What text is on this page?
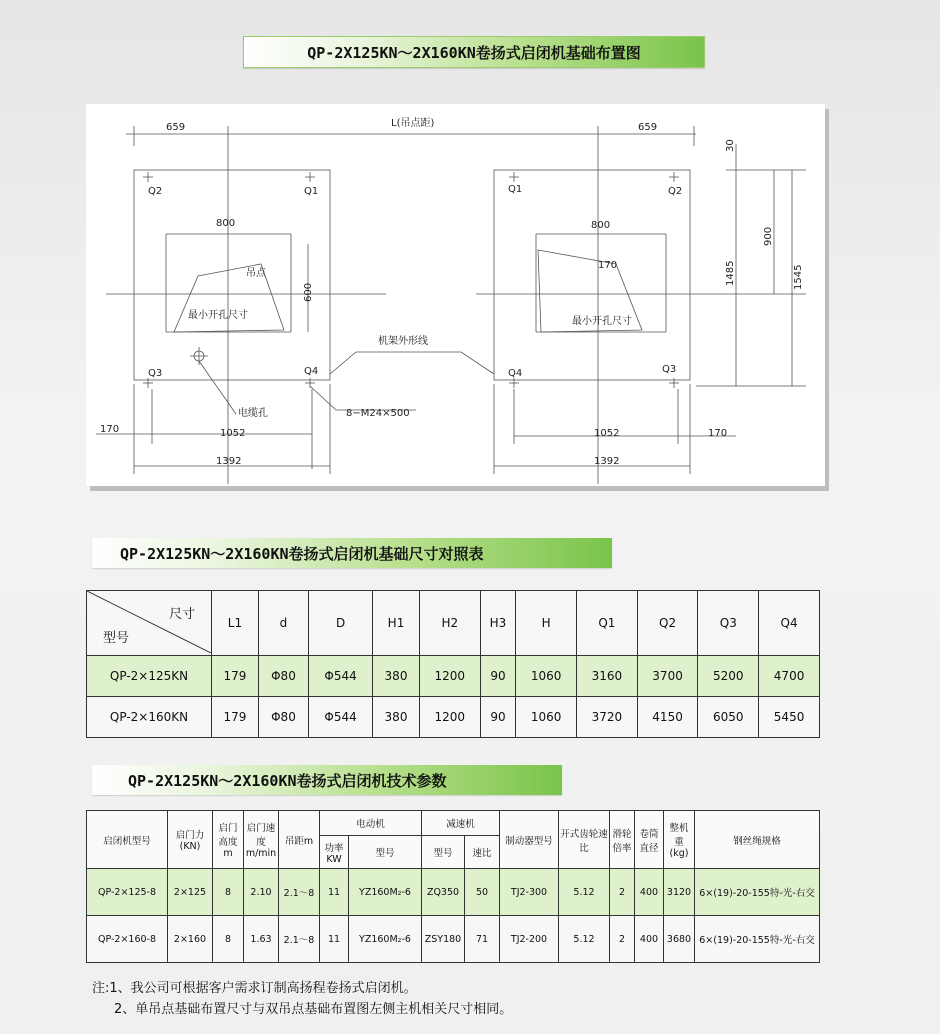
QP-2X125KN～2X160KN卷扬式启闭机基础布置图
659	L(吊点距)	659
Q2	Q1	Q1	Q2
800	800
吊点
170
最小开孔尺寸
最小开孔尺寸
600
30
900
1485	1545
机架外形线
Q3	Q4	Q4	Q3
电缆孔	8−M24×500
170	1052	1052	170
1392	1392
QP-2X125KN～2X160KN卷扬式启闭机基础尺寸对照表
尺寸
型号	L1	d	D	H1	H2	H3	H	Q1	Q2	Q3	Q4
QP-2×125KN	179	Φ80	Φ544	380	1200	90	1060	3160	3700	5200	4700
QP-2×160KN	179	Φ80	Φ544	380	1200	90	1060	3720	4150	6050	5450
QP-2X125KN～2X160KN卷扬式启闭机技术参数
启闭机型号	启门力(KN)	启门高度m	启门速度m/min	吊距m	电动机		减速机		制动器型号	开式齿轮速比	滑轮倍率	卷筒直径	整机重(kg)	钢丝绳规格
					功率KW	型号	型号	速比						
QP-2×125-8	2×125	8	2.10	2.1～8	11	YZ160M₂-6	ZQ350	50	TJ2-300	5.12	2	400	3120	6×(19)-20-155特-光-右交
QP-2×160-8	2×160	8	1.63	2.1～8	11	YZ160M₂-6	ZSY180	71	TJ2-200	5.12	2	400	3680	6×(19)-20-155特-光-右交
注:1、我公司可根据客户需求订制高扬程卷扬式启闭机。
2、单吊点基础布置尺寸与双吊点基础布置图左侧主机相关尺寸相同。
